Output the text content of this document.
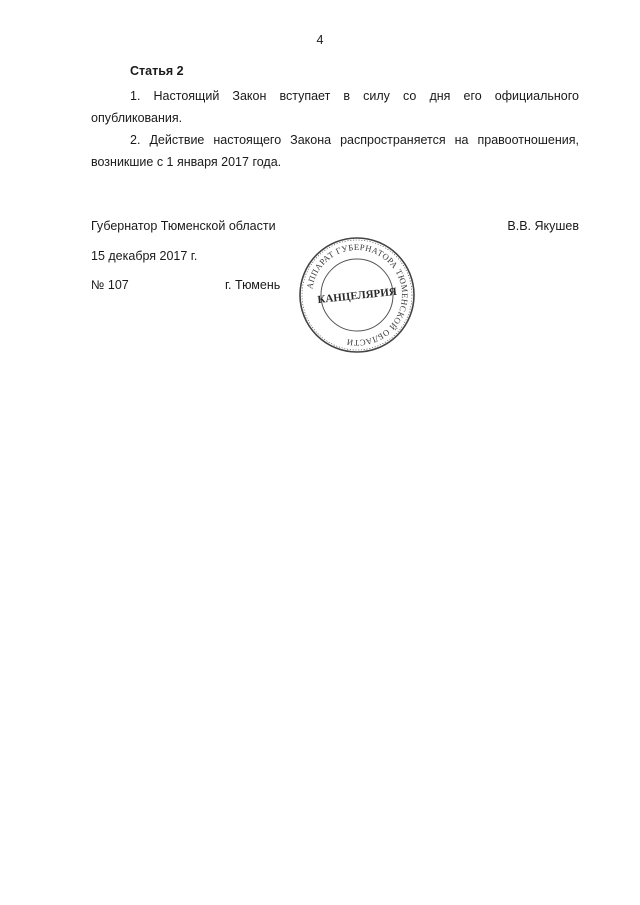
4
Статья 2

1. Настоящий Закон вступает в силу со дня его официального опубликования.

2. Действие настоящего Закона распространяется на правоотношения, возникшие с 1 января 2017 года.

Губернатор Тюменской области	В.В. Якушев
15 декабря 2017 г.
№ 107	г. Тюмень	АППАРАТ ГУБЕРНАТОРА ТЮМЕНСКОЙ ОБЛАСТИ
КАНЦЕЛЯРИЯ
